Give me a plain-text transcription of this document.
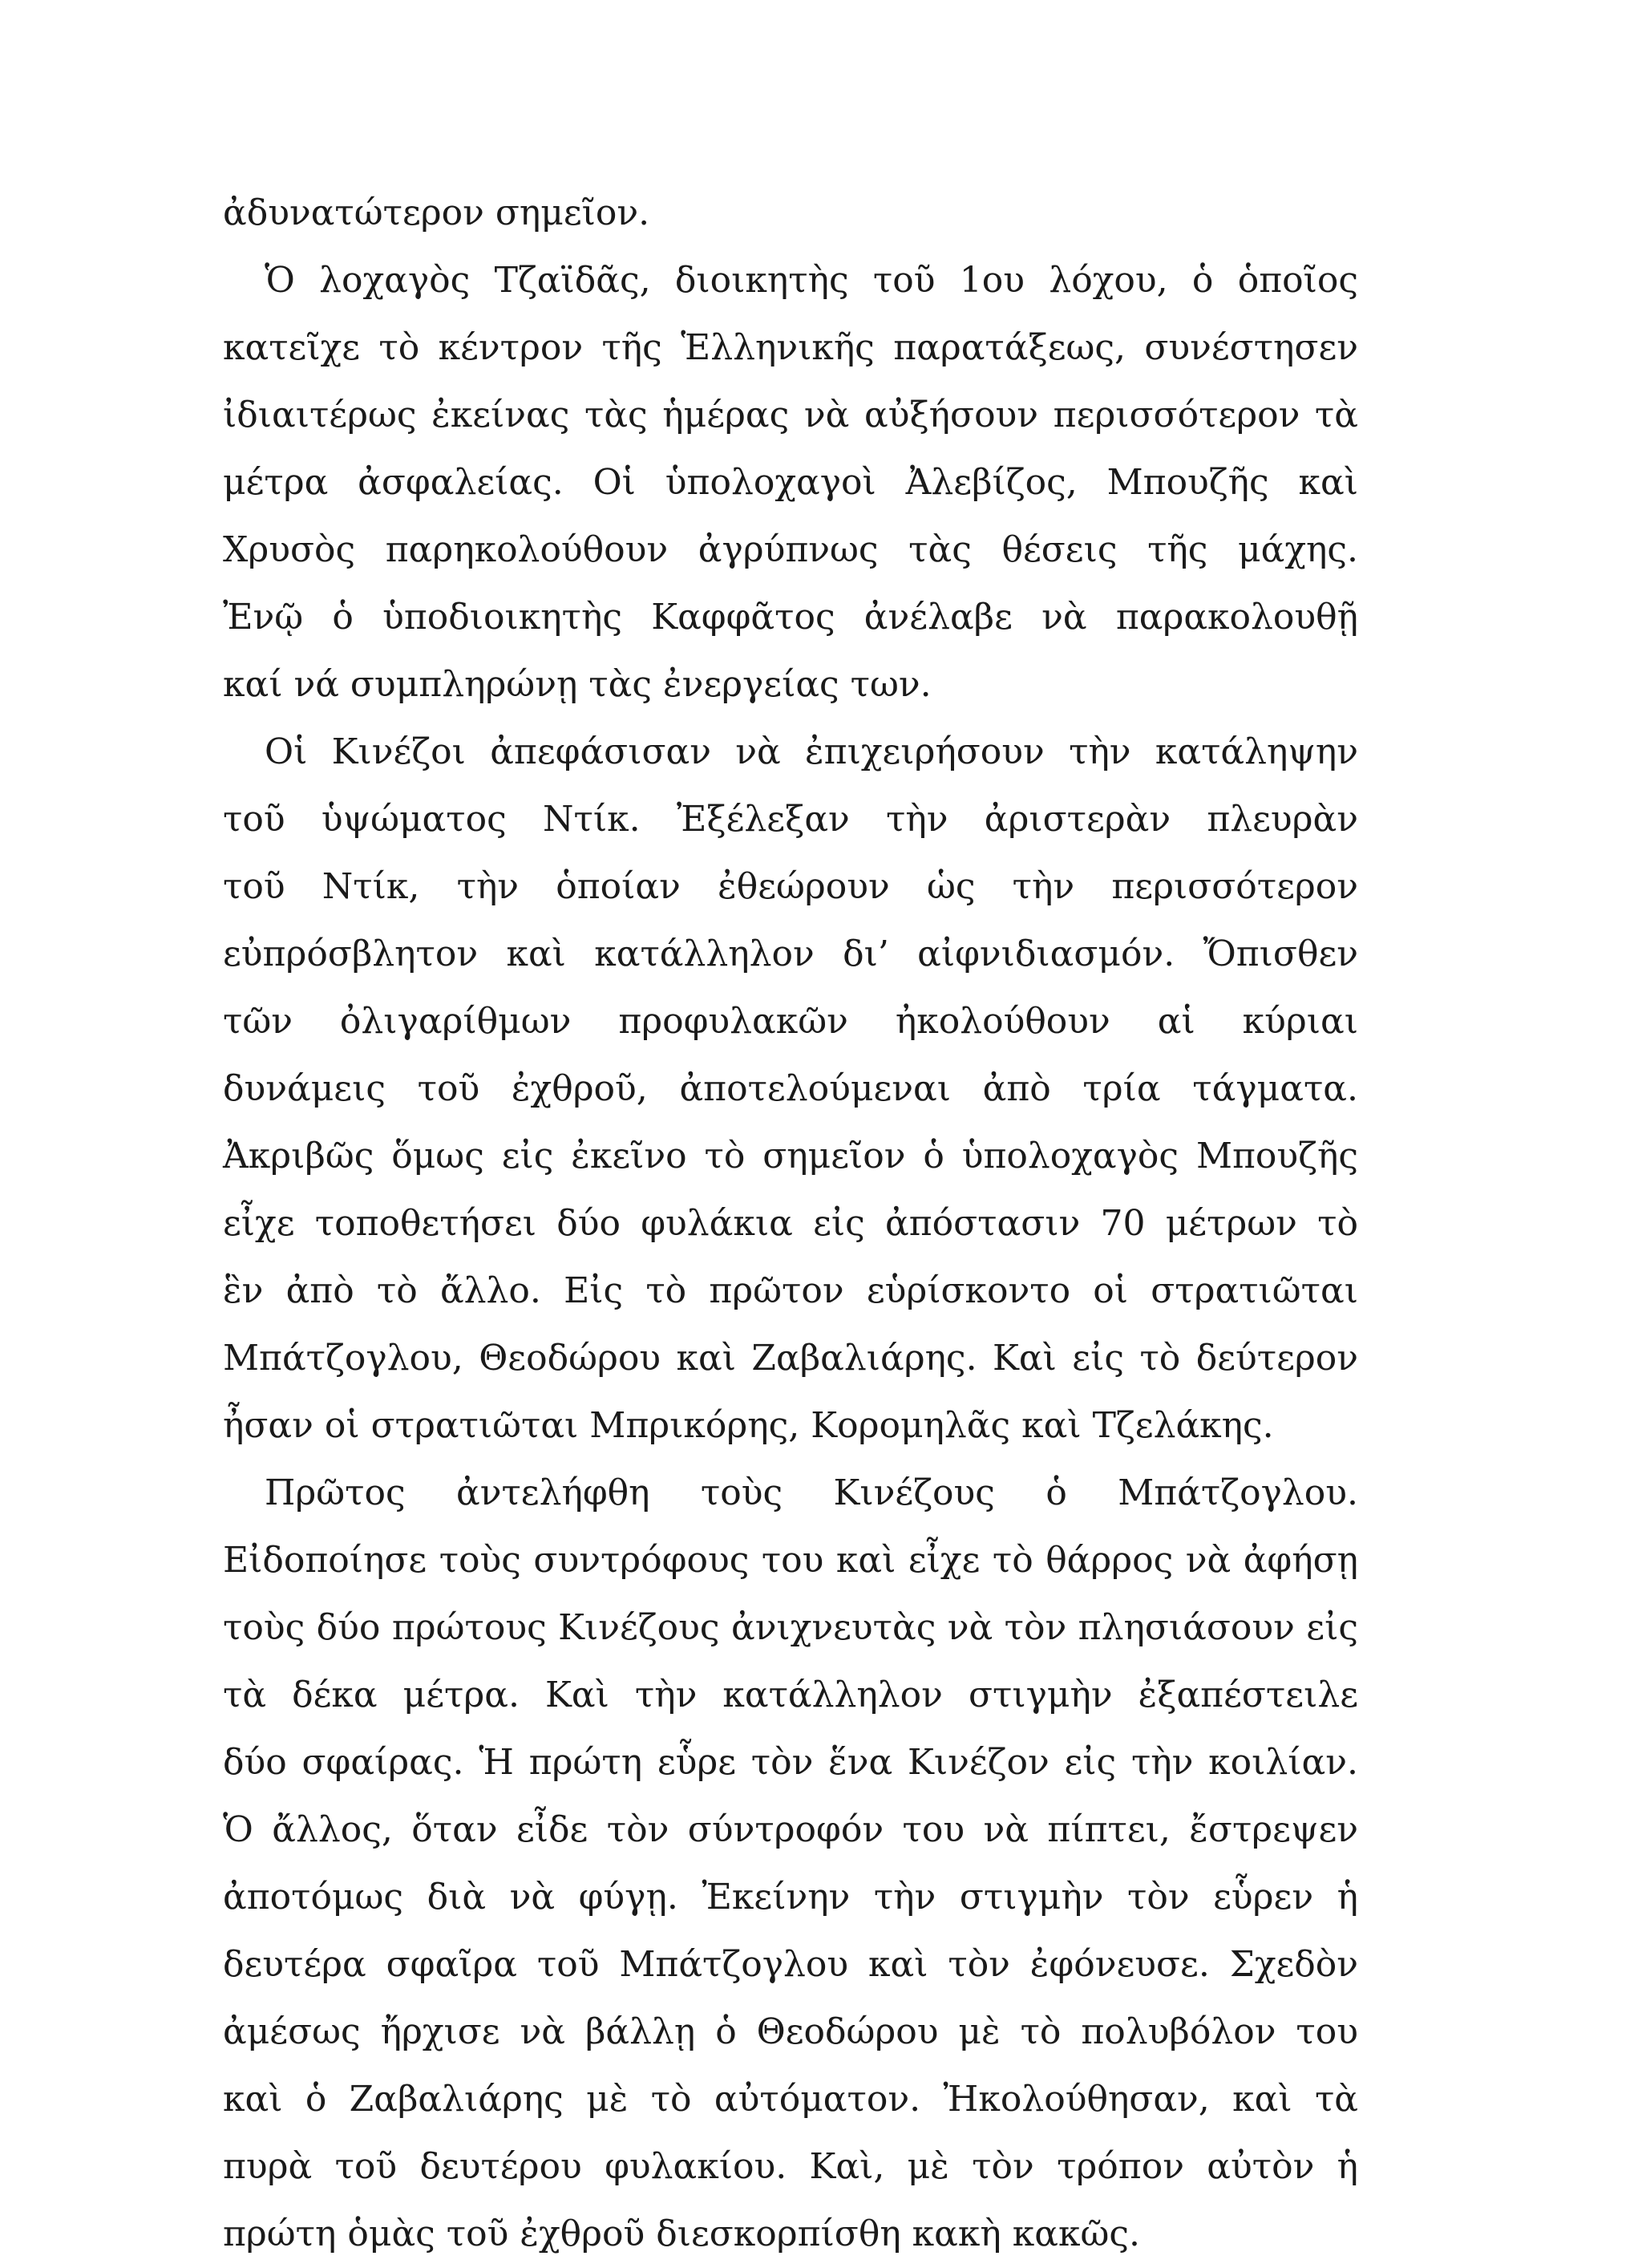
ἀδυνατώτερον σημεῖον.
Ὁ λοχαγὸς Τζαϊδᾶς, διοικητὴς τοῦ 1ου λόχου, ὁ ὁποῖος
κατεῖχε τὸ κέντρον τῆς Ἑλληνικῆς παρατάξεως, συνέστησεν
ἰδιαιτέρως ἐκείνας τὰς ἡμέρας νὰ αὐξήσουν περισσότερον τὰ
μέτρα ἀσφαλείας. Οἱ ὑπολοχαγοὶ Ἀλεβίζος, Μπουζῆς καὶ
Χρυσὸς παρηκολούθουν ἀγρύπνως τὰς θέσεις τῆς μάχης.
Ἐνῷ ὁ ὑποδιοικητὴς Καφφᾶτος ἀνέλαβε νὰ παρακολουθῇ
καί νά συμπληρώνῃ τὰς ἐνεργείας των.
Οἱ Κινέζοι ἀπεφάσισαν νὰ ἐπιχειρήσουν τὴν κατάληψην
τοῦ ὑψώματος Ντίκ. Ἐξέλεξαν τὴν ἀριστερὰν πλευρὰν
τοῦ Ντίκ, τὴν ὁποίαν ἐθεώρουν ὡς τὴν περισσότερον
εὐπρόσβλητον καὶ κατάλληλον δι’ αἰφνιδιασμόν. Ὄπισθεν
τῶν ὀλιγαρίθμων προφυλακῶν ἠκολούθουν αἱ κύριαι
δυνάμεις τοῦ ἐχθροῦ, ἀποτελούμεναι ἀπὸ τρία τάγματα.
Ἀκριβῶς ὅμως εἰς ἐκεῖνο τὸ σημεῖον ὁ ὑπολοχαγὸς Μπουζῆς
εἶχε τοποθετήσει δύο φυλάκια εἰς ἀπόστασιν 70 μέτρων τὸ
ἓν ἀπὸ τὸ ἄλλο. Εἰς τὸ πρῶτον εὑρίσκοντο οἱ στρατιῶται
Μπάτζογλου, Θεοδώρου καὶ Ζαβαλιάρης. Καὶ εἰς τὸ δεύτερον
ἦσαν οἱ στρατιῶται Μπρικόρης, Κορομηλᾶς καὶ Τζελάκης.
Πρῶτος ἀντελήφθη τοὺς Κινέζους ὁ Μπάτζογλου.
Εἰδοποίησε τοὺς συντρόφους του καὶ εἶχε τὸ θάρρος νὰ ἀφήσῃ
τοὺς δύο πρώτους Κινέζους ἀνιχνευτὰς νὰ τὸν πλησιάσουν εἰς
τὰ δέκα μέτρα. Καὶ τὴν κατάλληλον στιγμὴν ἐξαπέστειλε
δύο σφαίρας. Ἡ πρώτη εὗρε τὸν ἕνα Κινέζον εἰς τὴν κοιλίαν.
Ὁ ἄλλος, ὅταν εἶδε τὸν σύντροφόν του νὰ πίπτει, ἔστρεψεν
ἀποτόμως διὰ νὰ φύγῃ. Ἐκείνην τὴν στιγμὴν τὸν εὗρεν ἡ
δευτέρα σφαῖρα τοῦ Μπάτζογλου καὶ τὸν ἐφόνευσε. Σχεδὸν
ἀμέσως ἤρχισε νὰ βάλλῃ ὁ Θεοδώρου μὲ τὸ πολυβόλον του
καὶ ὁ Ζαβαλιάρης μὲ τὸ αὐτόματον. Ἠκολούθησαν, καὶ τὰ
πυρὰ τοῦ δευτέρου φυλακίου. Καὶ, μὲ τὸν τρόπον αὐτὸν ἡ
πρώτη ὁμὰς τοῦ ἐχθροῦ διεσκορπίσθη κακὴ κακῶς.
